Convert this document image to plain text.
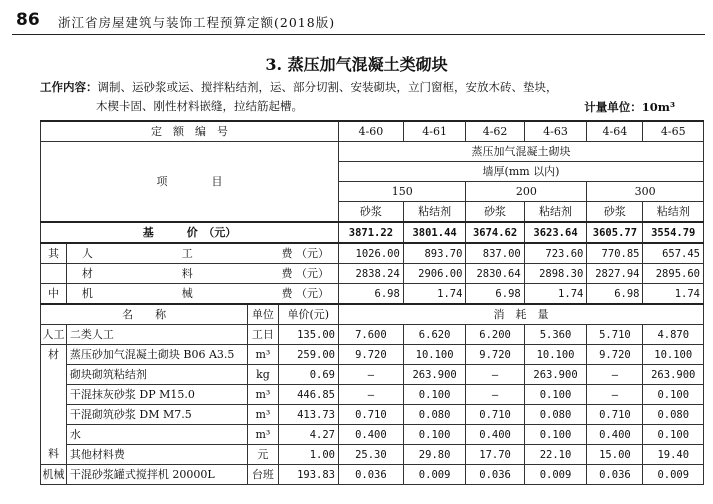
86 浙江省房屋建筑与装饰工程预算定额(2018版)
3. 蒸压加气混凝土类砌块
工作内容：调制、运砂浆或运、搅拌粘结剂，运、部分切割、安装砌块，立门窗框，安放木砖、垫块，
木楔卡固、刚性材料嵌缝，拉结筋起槽。	计量单位：10m³
定　额　编　号				4-60	4-61	4-62	4-63	4-64	4-65
项　　　　目				蒸压加气混凝土砌块					
				墙厚(mm 以内)					
				150		200		300	
				砂浆	粘结剂	砂浆	粘结剂	砂浆	粘结剂
基　　　价　（元）				3871.22	3801.44	3674.62	3623.64	3605.77	3554.79
其	人 工 费 （元）			1026.00	893.70	837.00	723.60	770.85	657.45

	材 料 费 （元）			2838.24	2906.00	2830.64	2898.30	2827.94	2895.60
中	机 械 费 （元）			6.98	1.74	6.98	1.74	6.98	1.74
名　　称		单位	单价(元)	消　耗　量					
人工	二类人工	工日	135.00	7.600	6.620	6.200	5.360	5.710	4.870
材	蒸压砂加气混凝土砌块 B06 A3.5	m³	259.00	9.720	10.100	9.720	10.100	9.720	10.100
	砌块砌筑粘结剂	kg	0.69	—	263.900	—	263.900	—	263.900
	干混抹灰砂浆 DP M15.0	m³	446.85	—	0.100	—	0.100	—	0.100
	干混砌筑砂浆 DM M7.5	m³	413.73	0.710	0.080	0.710	0.080	0.710	0.080
	水	m³	4.27	0.400	0.100	0.400	0.100	0.400	0.100
料	其他材料费	元	1.00	25.30	29.80	17.70	22.10	15.00	19.40
机械	干混砂浆罐式搅拌机 20000L	台班	193.83	0.036	0.009	0.036	0.009	0.036	0.009
